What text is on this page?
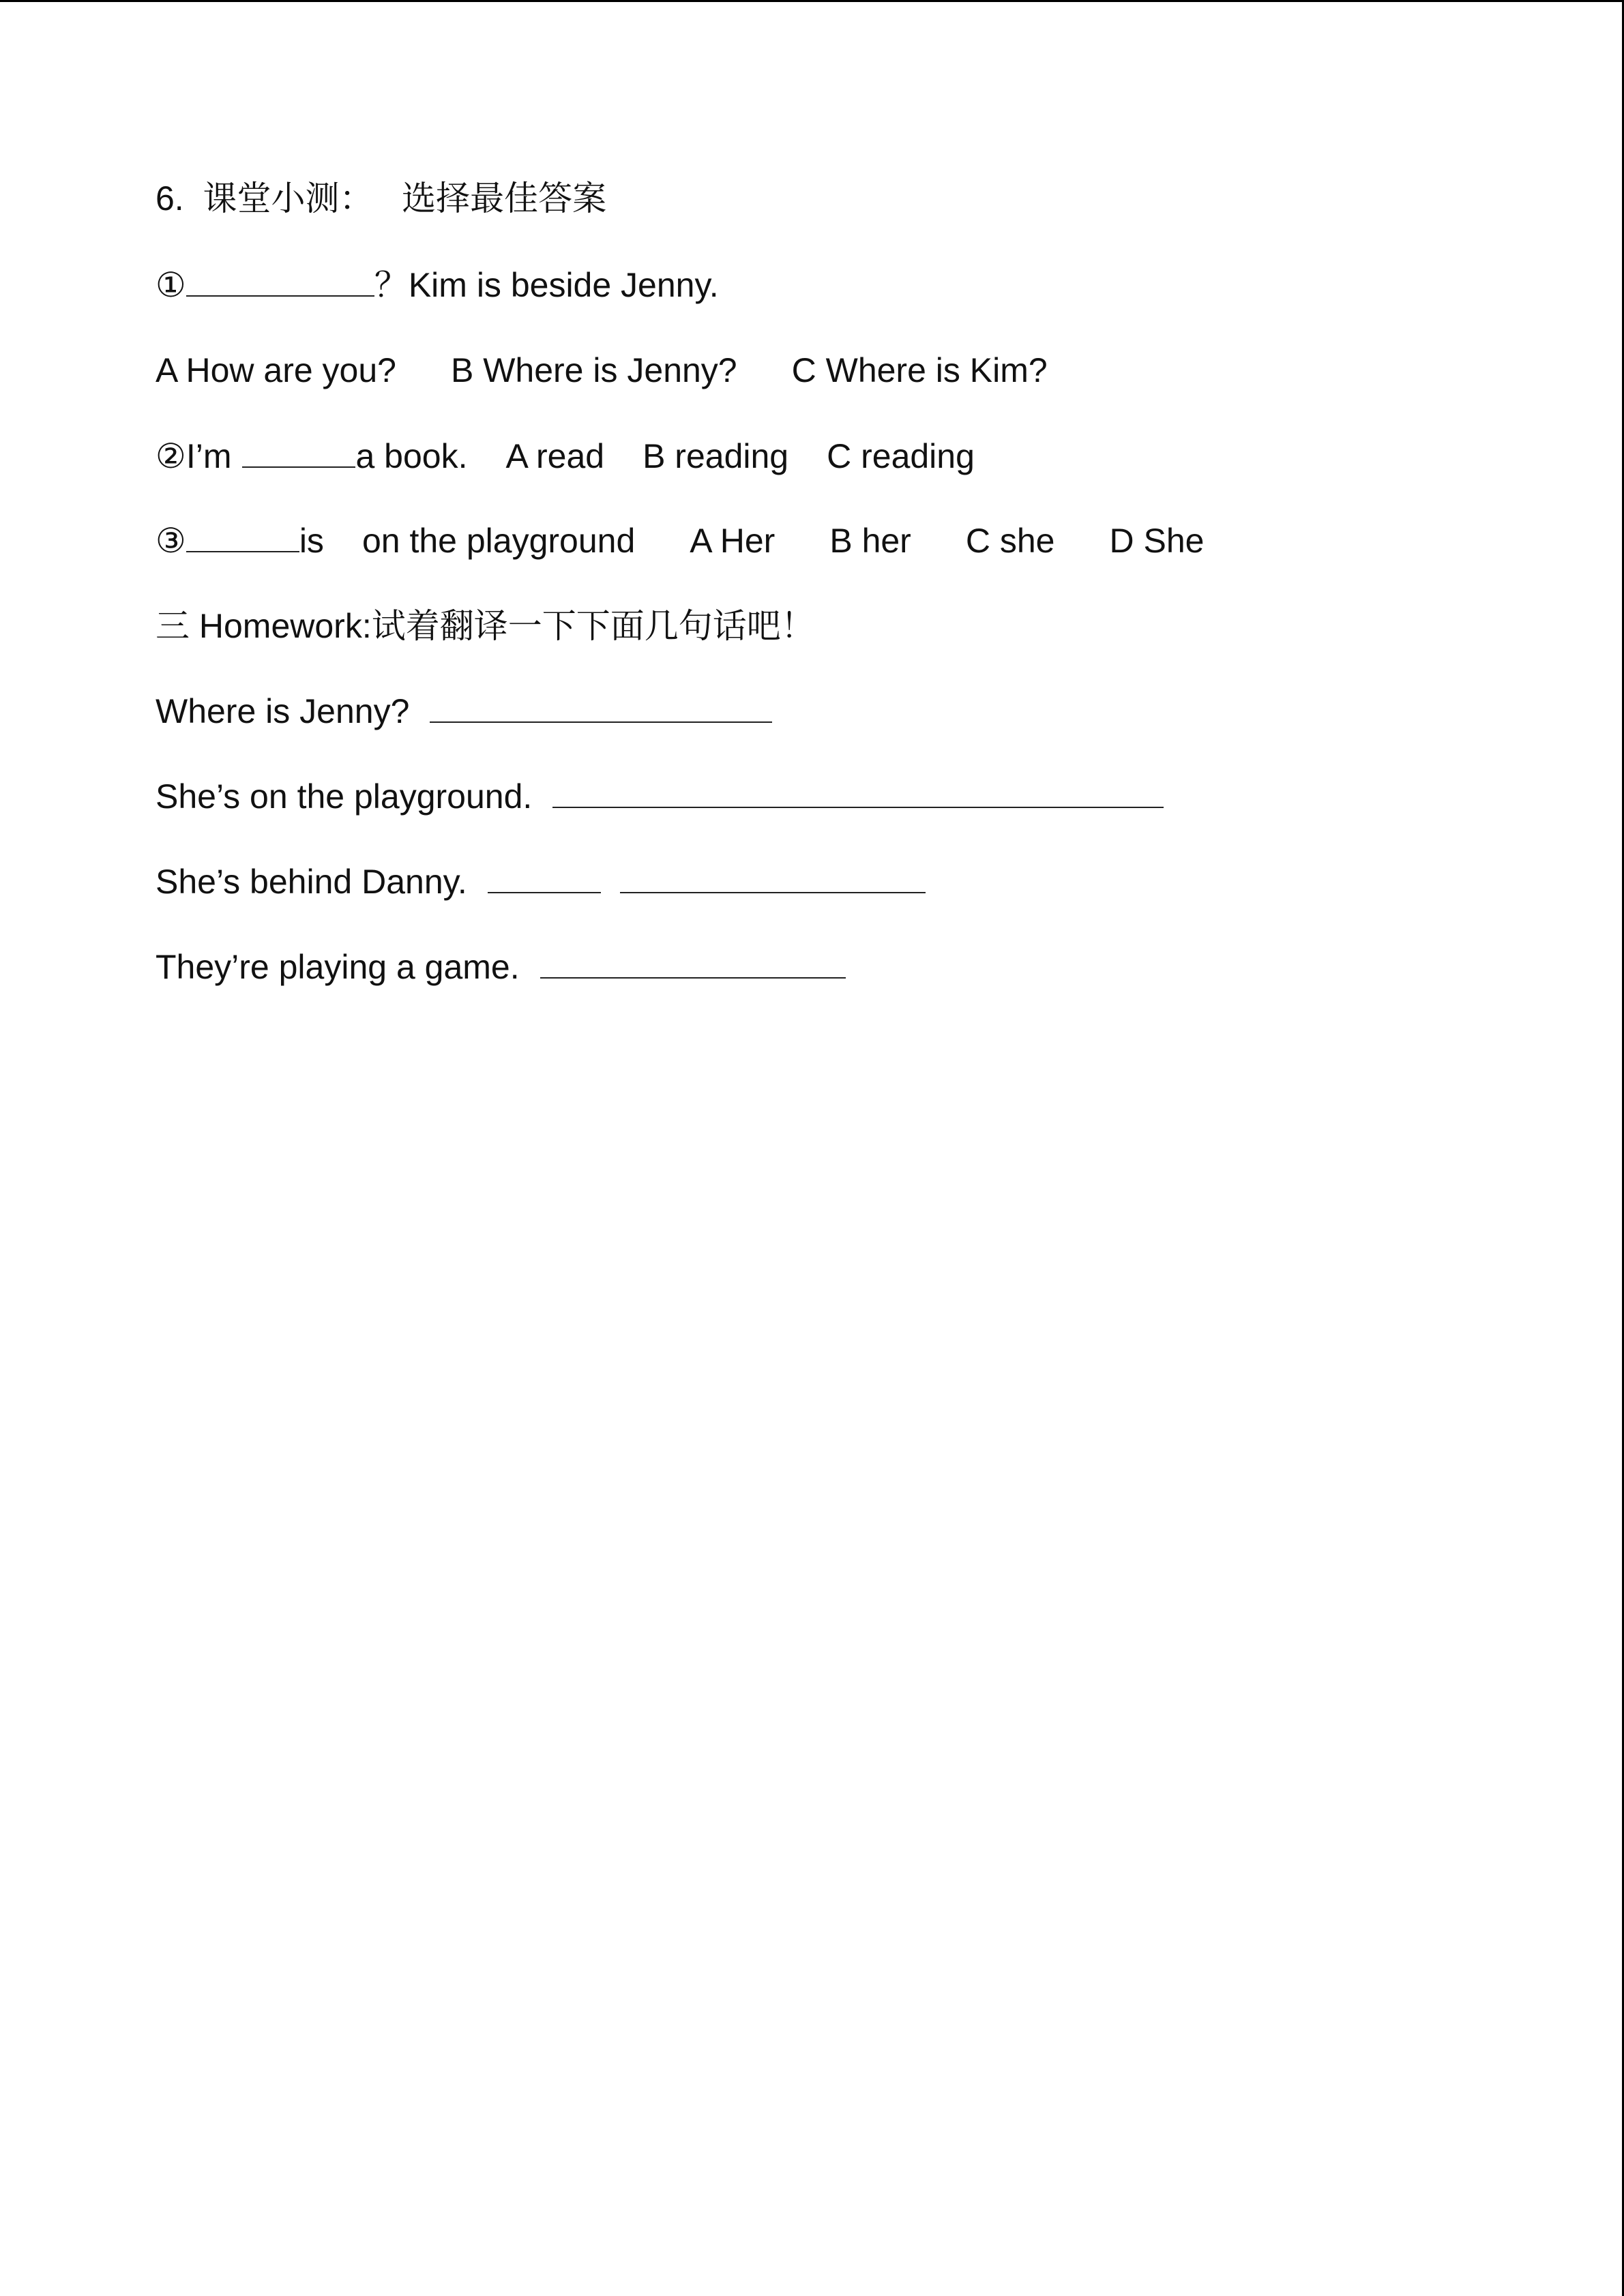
6.  课堂小测：   选择最佳答案
①	？Kim is beside Jenny.
A How are you? B Where is Jenny? C Where is Kim?
②I’m	a book. A read B reading C reading
③	is on the playground A Her B her C she D She
三 Homework:试着翻译一下下面几句话吧！
Where is Jenny?
She’s on the playground.
She’s behind Danny.
They’re playing a game.
